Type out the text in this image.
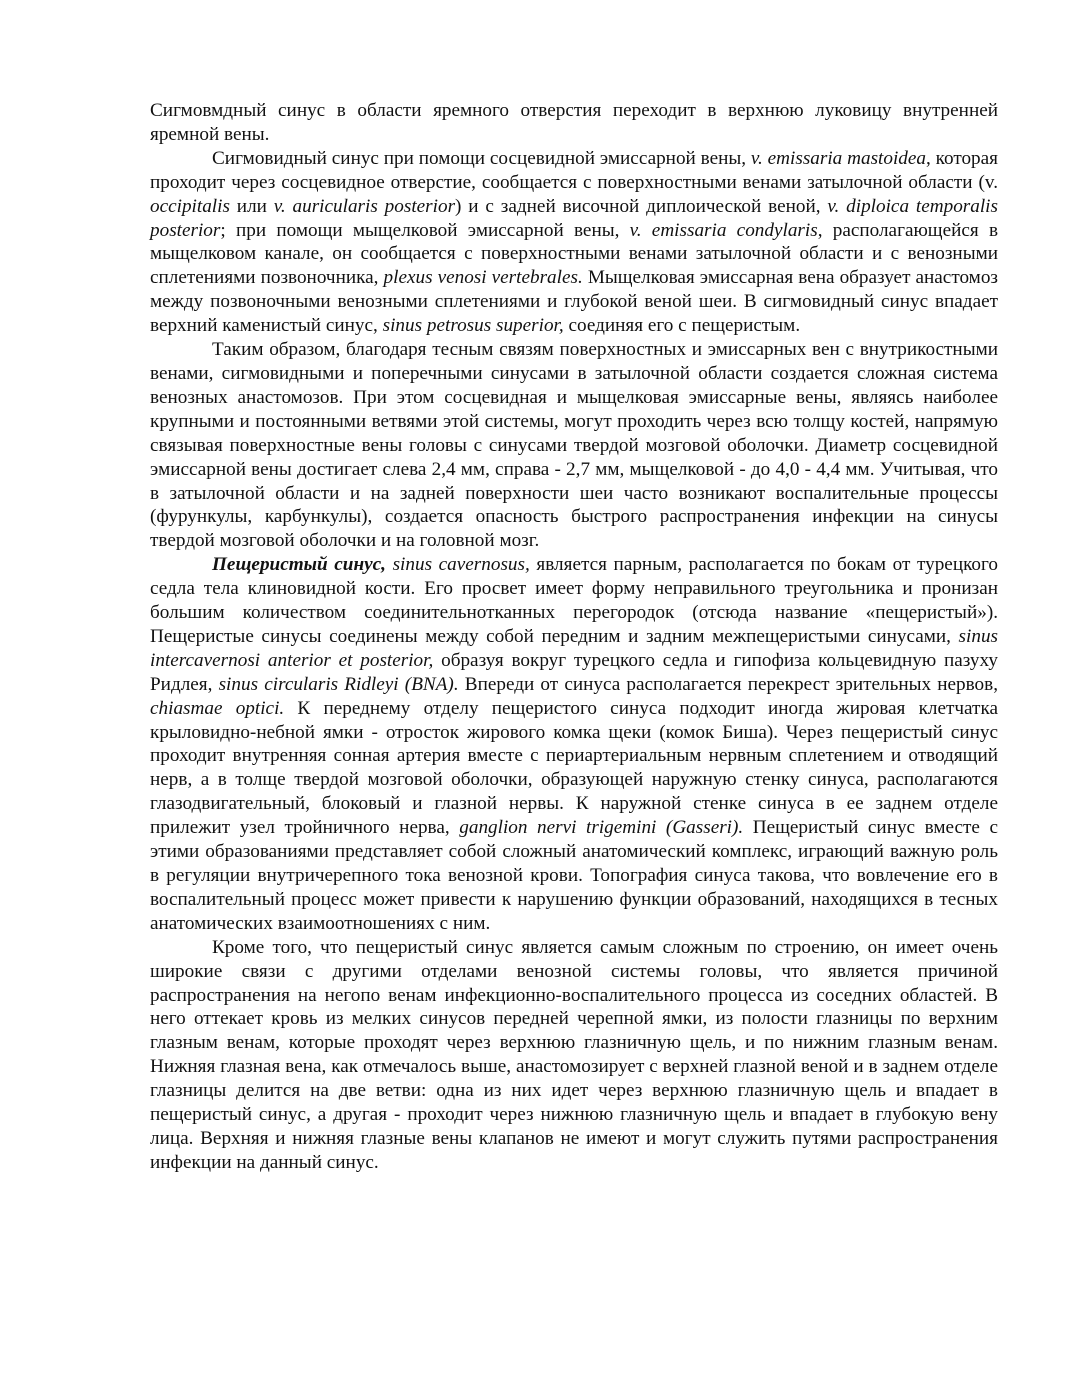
Сигмовмдный синус в области яремного отверстия переходит в верхнюю луковицу внутренней яремной вены.

Сигмовидный синус при помощи сосцевидной эмиссарной вены, v. emissaria mastoidea, которая проходит через сосцевидное отверстие, сообщается с поверхностными венами затылочной области (v. occipitalis или v. auricularis posterior) и с задней височной диплоической веной, v. diploica temporalis posterior; при помощи мыщелковой эмиссарной вены, v. emissaria condylaris, располагающейся в мыщелковом канале, он сообщается с поверхностными венами затылочной области и с венозными сплетениями позвоночника, plexus venosi vertebrales. Мыщелковая эмиссарная вена образует анастомоз между позвоночными венозными сплетениями и глубокой веной шеи. В сигмовидный синус впадает верхний каменистый синус, sinus petrosus superior, соединяя его с пещеристым.

Таким образом, благодаря тесным связям поверхностных и эмиссарных вен с внутрикостными венами, сигмовидными и поперечными синусами в затылочной области создается сложная система венозных анастомозов. При этом сосцевидная и мыщелковая эмиссарные вены, являясь наиболее крупными и постоянными ветвями этой системы, могут проходить через всю толщу костей, напрямую связывая поверхностные вены головы с синусами твердой мозговой оболочки. Диаметр сосцевидной эмиссарной вены достигает слева 2,4 мм, справа - 2,7 мм, мыщелковой - до 4,0 - 4,4 мм. Учитывая, что в затылочной области и на задней поверхности шеи часто возникают воспалительные процессы (фурункулы, карбункулы), создается опасность быстрого распространения инфекции на синусы твердой мозговой оболочки и на головной мозг.

Пещеристый синус, sinus cavernosus, является парным, располагается по бокам от турецкого седла тела клиновидной кости. Его просвет имеет форму неправильного треугольника и пронизан большим количеством соединительнотканных перегородок (отсюда название «пещеристый»). Пещеристые синусы соединены между собой передним и задним межпещеристыми синусами, sinus intercavernosi anterior et posterior, образуя вокруг турецкого седла и гипофиза кольцевидную пазуху Ридлея, sinus circularis Ridleyi (BNA). Впереди от синуса располагается перекрест зрительных нервов, chiasmae optici. К переднему отделу пещеристого синуса подходит иногда жировая клетчатка крыловидно-небной ямки - отросток жирового комка щеки (комок Биша). Через пещеристый синус проходит внутренняя сонная артерия вместе с периартериальным нервным сплетением и отводящий нерв, а в толще твердой мозговой оболочки, образующей наружную стенку синуса, располагаются глазодвигательный, блоковый и глазной нервы. К наружной стенке синуса в ее заднем отделе прилежит узел тройничного нерва, ganglion nervi trigemini (Gasseri). Пещеристый синус вместе с этими образованиями представляет собой сложный анатомический комплекс, играющий важную роль в регуляции внутричерепного тока венозной крови. Топография синуса такова, что вовлечение его в воспалительный процесс может привести к нарушению функции образований, находящихся в тесных анатомических взаимоотношениях с ним.

Кроме того, что пещеристый синус является самым сложным по строению, он имеет очень широкие связи с другими отделами венозной системы головы, что является причиной распространения на негопо венам инфекционно-воспалительного процесса из соседних областей. В него оттекает кровь из мелких синусов передней черепной ямки, из полости глазницы по верхним глазным венам, которые проходят через верхнюю глазничную щель, и по нижним глазным венам. Нижняя глазная вена, как отмечалось выше, анастомозирует с верхней глазной веной и в заднем отделе глазницы делится на две ветви: одна из них идет через верхнюю глазничную щель и впадает в пещеристый синус, а другая - проходит через нижнюю глазничную щель и впадает в глубокую вену лица. Верхняя и нижняя глазные вены клапанов не имеют и могут служить путями распространения инфекции на данный синус.
